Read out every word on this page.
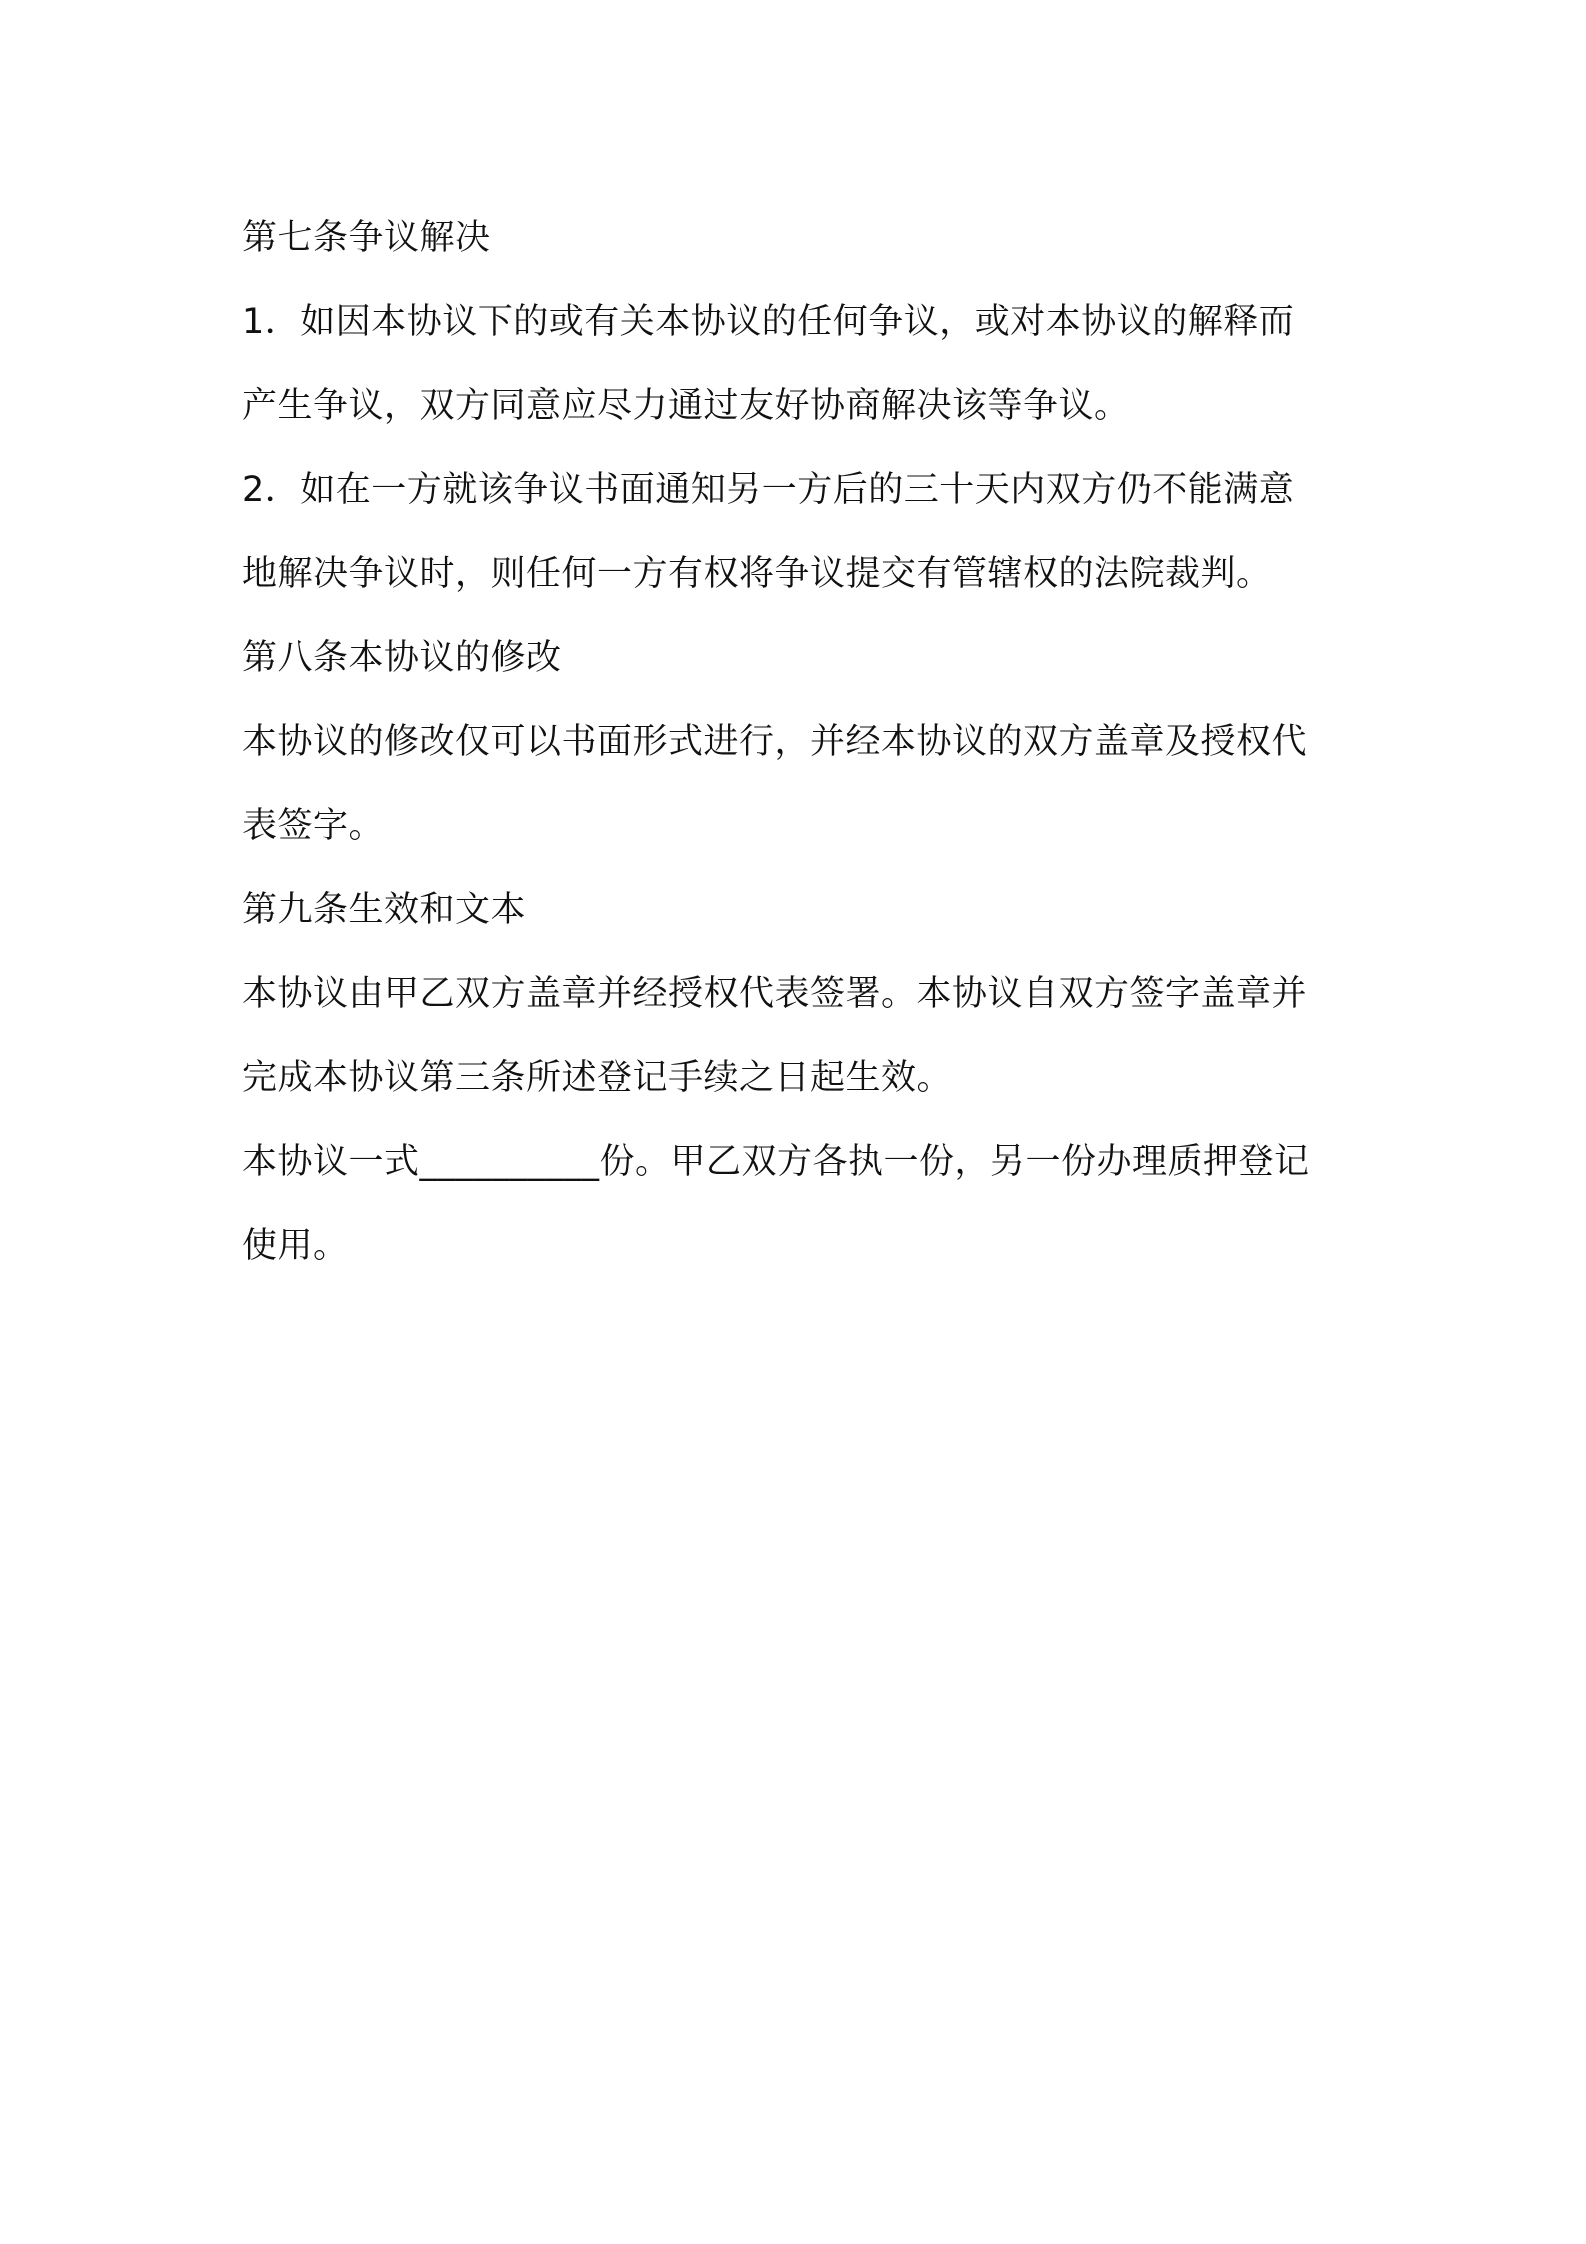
第七条争议解决
1．如因本协议下的或有关本协议的任何争议，或对本协议的解释而
产生争议，双方同意应尽力通过友好协商解决该等争议。
2．如在一方就该争议书面通知另一方后的三十天内双方仍不能满意
地解决争议时，则任何一方有权将争议提交有管辖权的法院裁判。
第八条本协议的修改
本协议的修改仅可以书面形式进行，并经本协议的双方盖章及授权代
表签字。
第九条生效和文本
本协议由甲乙双方盖章并经授权代表签署。本协议自双方签字盖章并
完成本协议第三条所述登记手续之日起生效。
本协议一式__________份。甲乙双方各执一份，另一份办理质押登记
使用。
